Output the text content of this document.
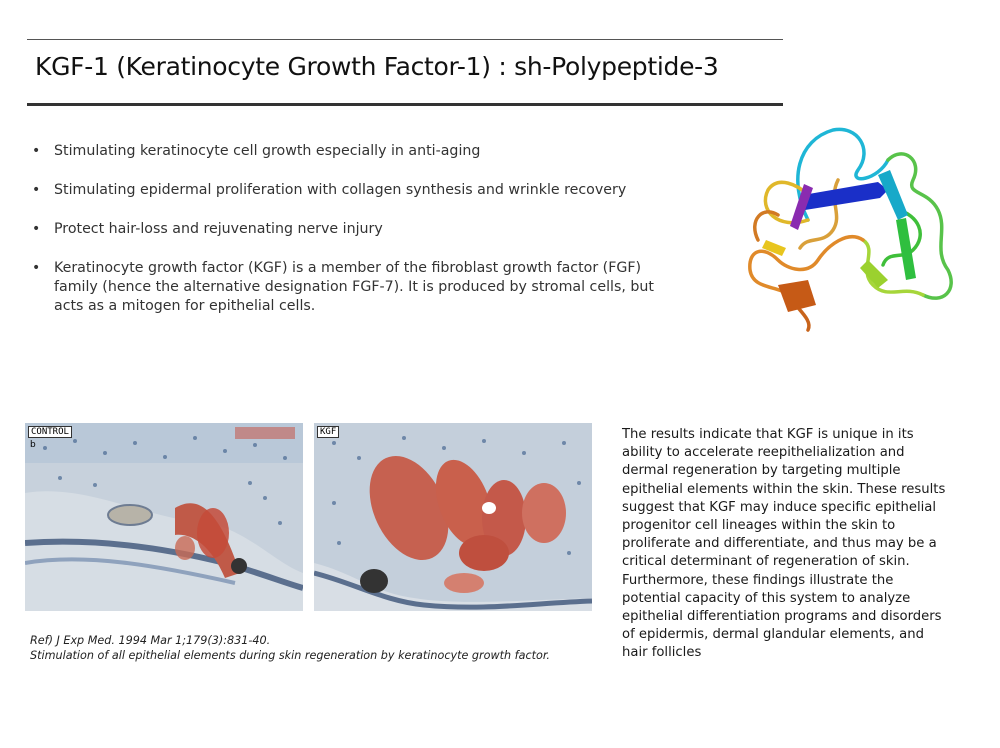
KGF-1 (Keratinocyte Growth Factor-1) : sh-Polypeptide-3
• Stimulating keratinocyte cell growth especially in anti-aging
• Stimulating epidermal proliferation with collagen synthesis and wrinkle recovery
• Protect hair-loss and rejuvenating nerve injury
• Keratinocyte growth factor (KGF) is a member of the fibroblast growth factor (FGF) family (hence the alternative designation FGF-7). It is produced by stromal cells, but acts as a mitogen for epithelial cells.
CONTROL
b
KGF

Ref) J Exp Med. 1994 Mar 1;179(3):831-40.
Stimulation of all epithelial elements during skin regeneration by keratinocyte growth factor.

The results indicate that KGF is unique in its ability to accelerate reepithelialization and dermal regeneration by targeting multiple epithelial elements within the skin. These results suggest that KGF may induce specific epithelial progenitor cell lineages within the skin to proliferate and differentiate, and thus may be a critical determinant of regeneration of skin. Furthermore, these findings illustrate the potential capacity of this system to analyze epithelial differentiation programs and disorders of epidermis, dermal glandular elements, and hair follicles
